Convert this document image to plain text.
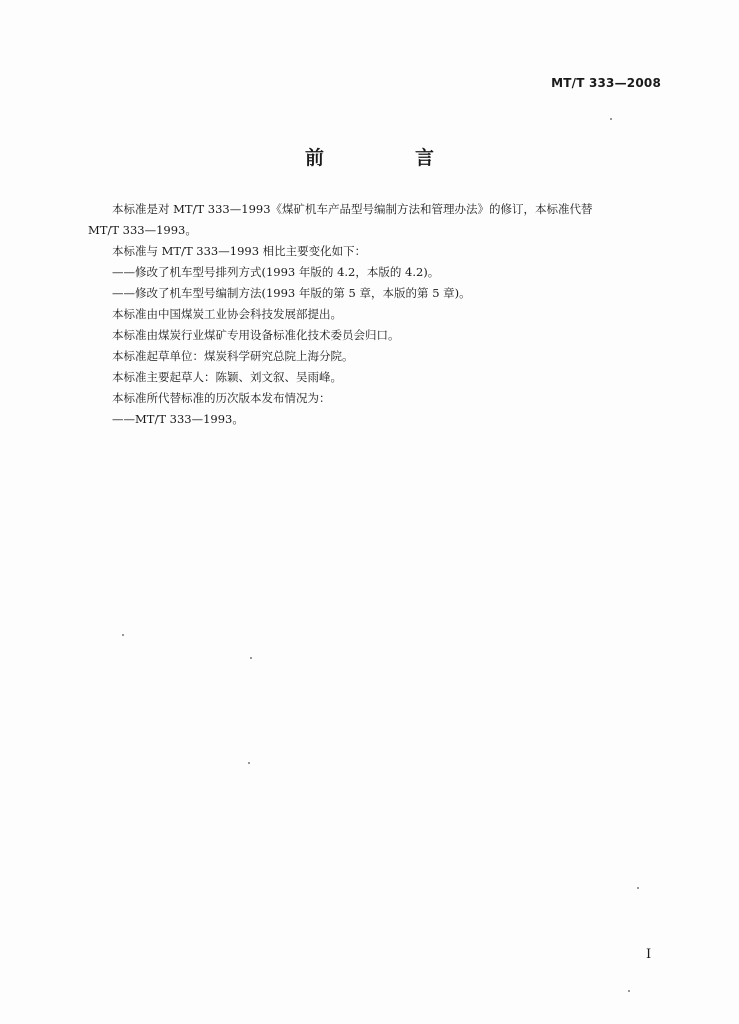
MT/T 333—2008
前　言

本标准是对 MT/T 333—1993《煤矿机车产品型号编制方法和管理办法》的修订，本标准代替

MT/T 333—1993。

本标准与 MT/T 333—1993 相比主要变化如下：

——修改了机车型号排列方式(1993 年版的 4.2，本版的 4.2)。

——修改了机车型号编制方法(1993 年版的第 5 章，本版的第 5 章)。

本标准由中国煤炭工业协会科技发展部提出。

本标准由煤炭行业煤矿专用设备标准化技术委员会归口。

本标准起草单位：煤炭科学研究总院上海分院。

本标准主要起草人：陈颖、刘文叙、吴雨峰。

本标准所代替标准的历次版本发布情况为：

——MT/T 333—1993。

I
